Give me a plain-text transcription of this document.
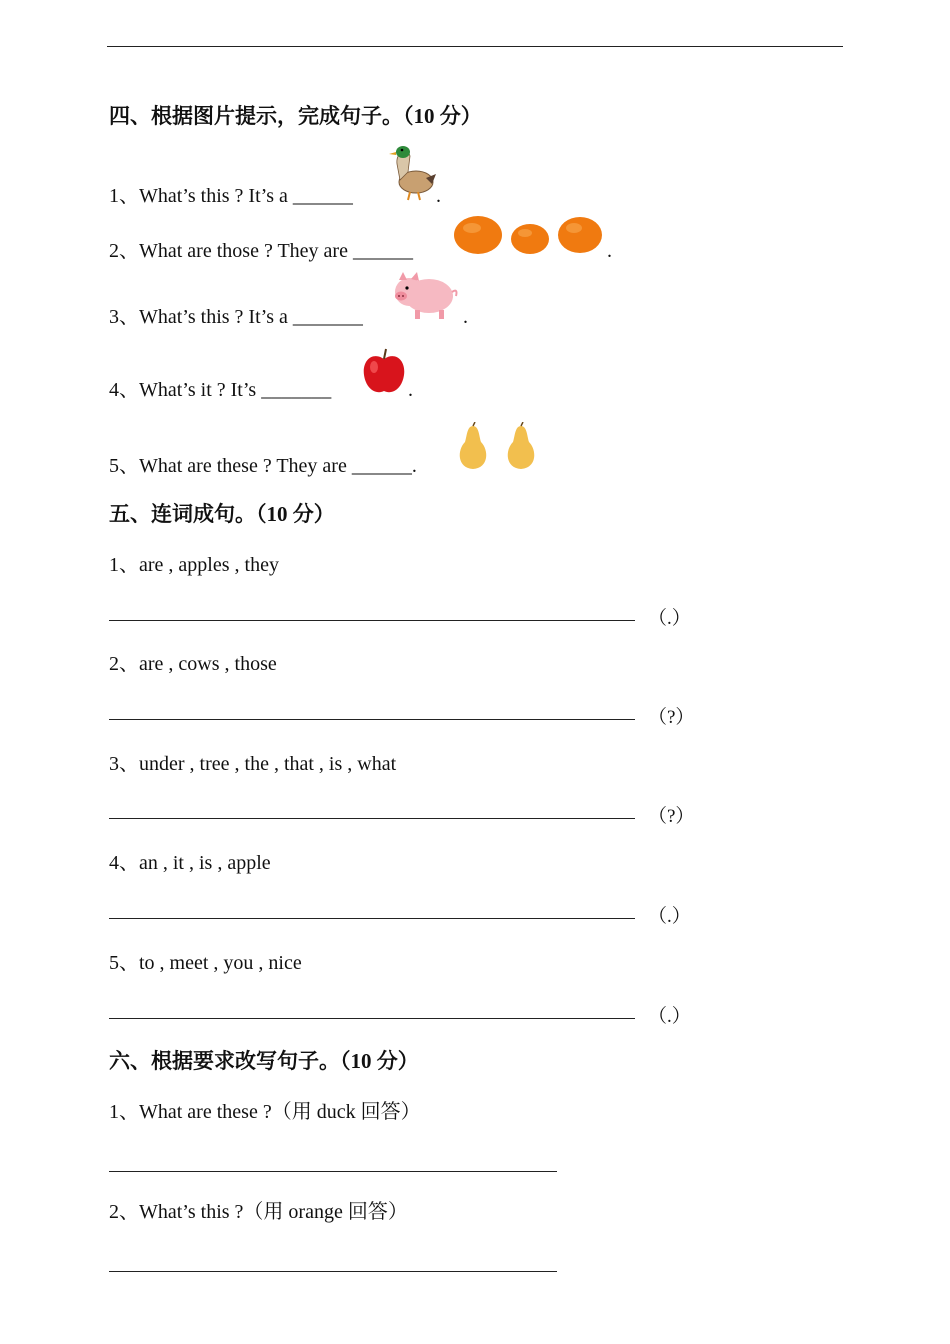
四、根据图片提示，完成句子。（10 分）
1、What’s this ? It’s a ______	.
2、What are those ? They are ______	.
3、What’s this ? It’s a _______	.
4、What’s it ? It’s _______	.
5、What are these ? They are ______.
五、连词成句。（10 分）
1、are , apples , they
（.）
2、are , cows , those
（?）
3、under , tree , the , that , is , what
（?）
4、an , it , is , apple
（.）
5、to , meet , you , nice
（.）
六、根据要求改写句子。（10 分）
1、What are these ?（用 duck 回答）
2、What’s this ?（用 orange 回答）
